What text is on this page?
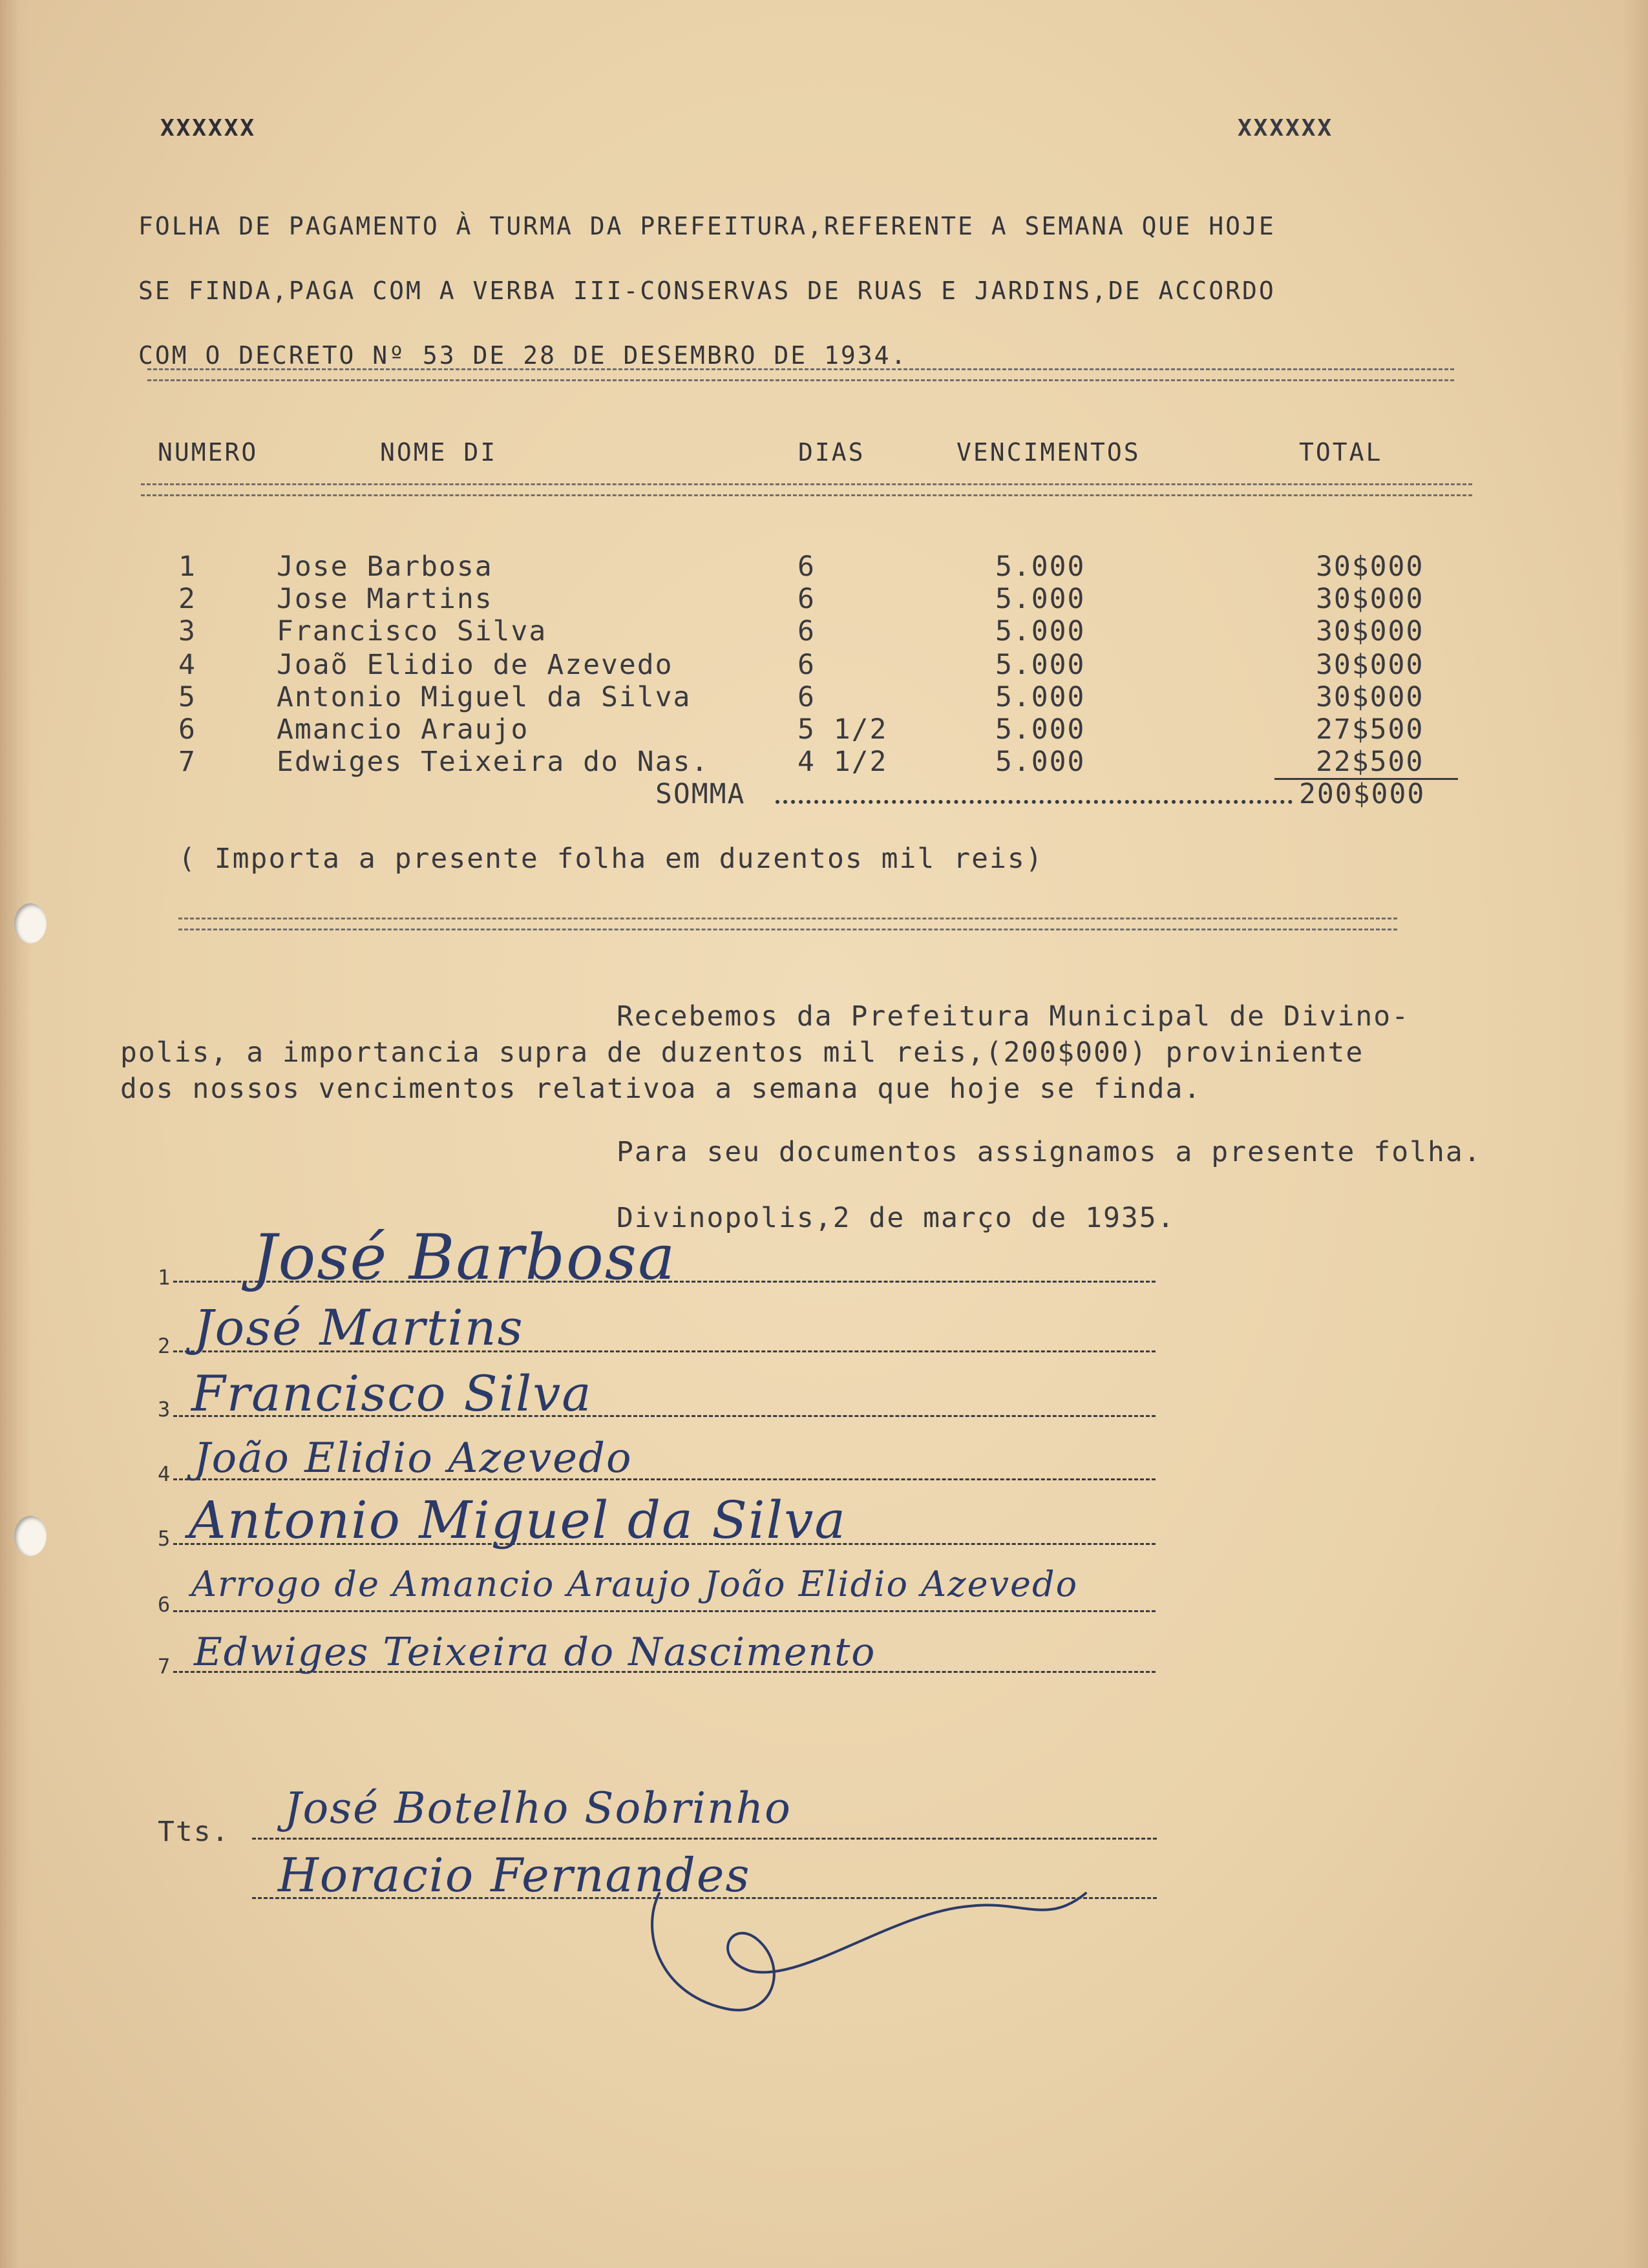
XXXXXX	XXXXXX
FOLHA DE PAGAMENTO À TURMA DA PREFEITURA,REFERENTE A SEMANA QUE HOJE
SE FINDA,PAGA COM A VERBA III-CONSERVAS DE RUAS E JARDINS,DE ACCORDO
COM O DECRETO Nº 53 DE 28 DE DESEMBRO DE 1934.
NUMERO	NOME DI	DIAS	VENCIMENTOS	TOTAL
1	Jose Barbosa	6	5.000	30$000
2	Jose Martins	6	5.000	30$000
3	Francisco Silva	6	5.000	30$000
4	Joaõ Elidio de Azevedo	6	5.000	30$000
5	Antonio Miguel da Silva	6	5.000	30$000
6	Amancio Araujo	5 1/2	5.000	27$500
7	Edwiges Teixeira do Nas.	4 1/2	5.000	22$500
SOMMA	200$000
( Importa a presente folha em duzentos mil reis)
Recebemos da Prefeitura Municipal de Divino-
polis, a importancia supra de duzentos mil reis,(200$000) proviniente
dos nossos vencimentos relativoa a semana que hoje se finda.
Para seu documentos assignamos a presente folha.
Divinopolis,2 de março de 1935.
1 José Barbosa
2 José Martins
3 Francisco Silva
4 João Elidio Azevedo
5 Antonio Miguel da Silva
6 Arrogo de Amancio Araujo João Elidio Azevedo
7 Edwiges Teixeira do Nascimento
Tts. José Botelho Sobrinho
Horacio Fernandes
